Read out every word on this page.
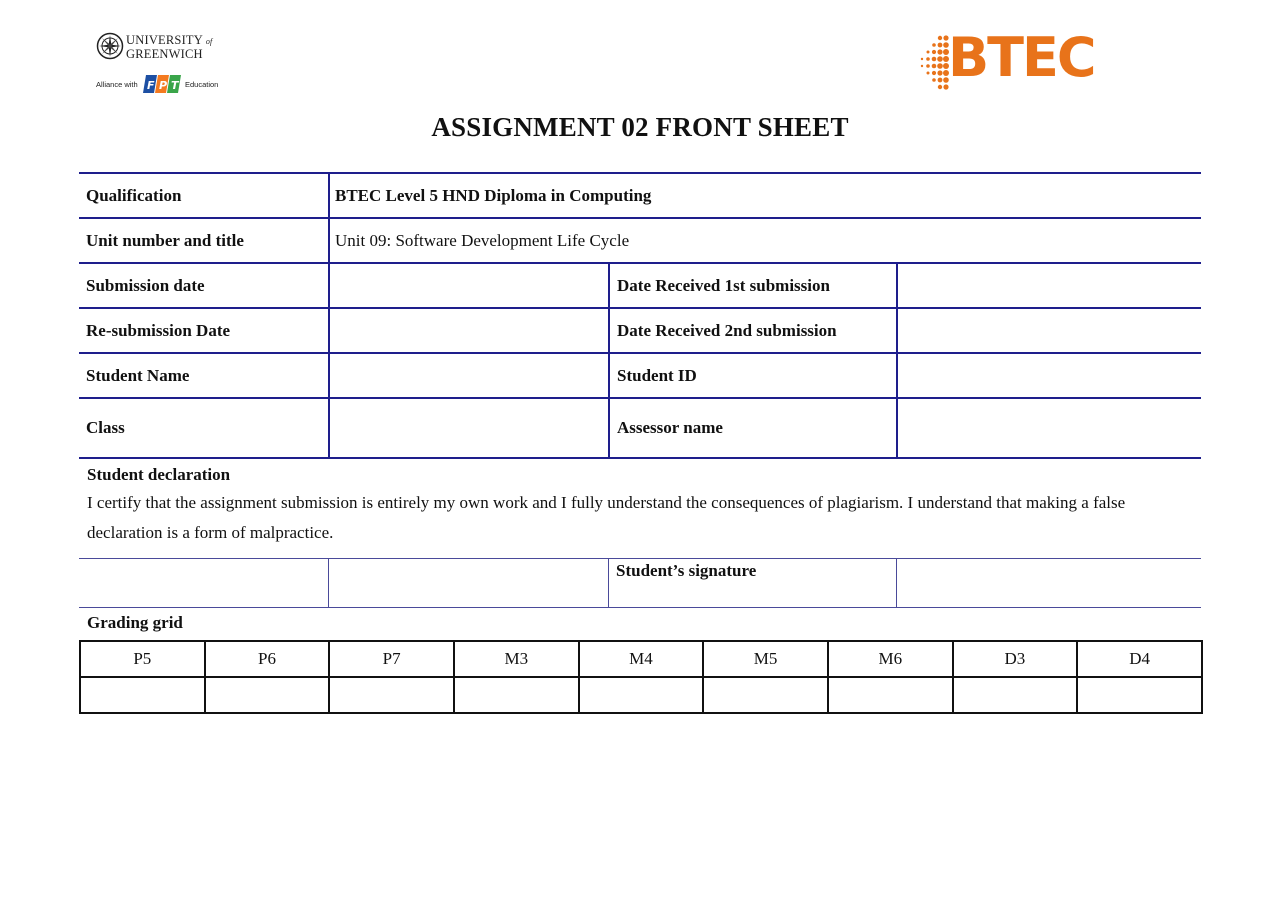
UNIVERSITY of
GREENWICH
Alliance with F P T Education	BTEC
ASSIGNMENT 02 FRONT SHEET
Qualification	BTEC Level 5 HND Diploma in Computing
Unit number and title	Unit 09: Software Development Life Cycle
Submission date	Date Received 1st submission
Re-submission Date	Date Received 2nd submission
Student Name	Student ID
Class	Assessor name
Student declaration
I certify that the assignment submission is entirely my own work and I fully understand the consequences of plagiarism. I understand that making a false declaration is a form of malpractice.
Student’s signature
Grading grid
P5	P6	P7	M3	M4	M5	M6	D3	D4
